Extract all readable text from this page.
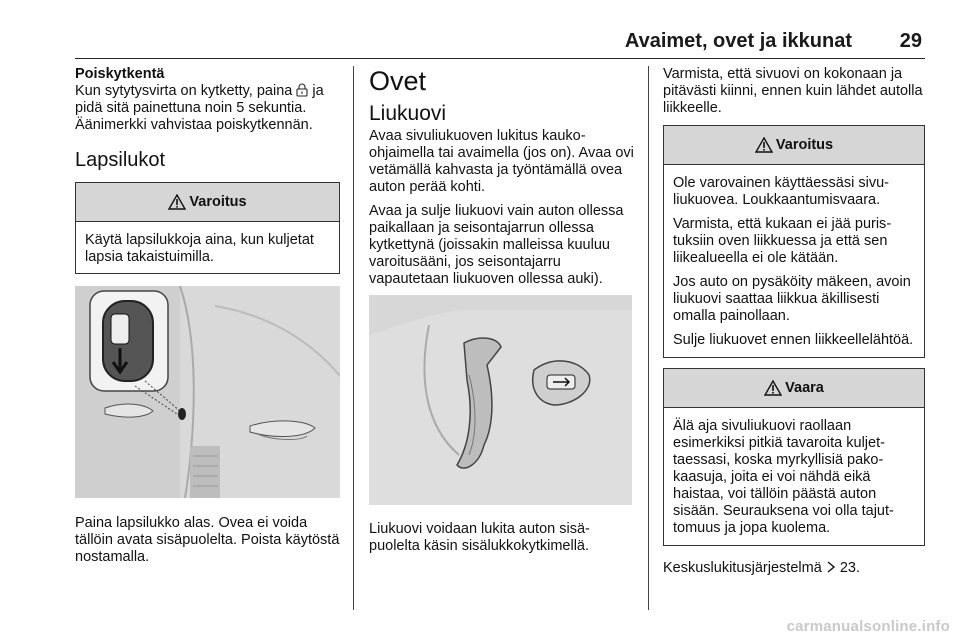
Avaimet, ovet ja ikkunat	29
Poiskytkentä
Kun sytytysvirta on kytketty, paina ja pidä sitä painettuna noin 5 sekuntia. Äänimerkki vahvistaa poiskytkennän.
Lapsilukot
Varoitus

Käytä lapsilukkoja aina, kun kuljetat lapsia takaistuimilla.

Paina lapsilukko alas. Ovea ei voida tällöin avata sisäpuolelta. Poista käytöstä nostamalla.
Ovet
Liukuovi

Avaa sivuliukuoven lukitus kaukoohjaimella tai avaimella (jos on). Avaa ovi vetämällä kahvasta ja työntämällä ovea auton perää kohti.

Avaa ja sulje liukuovi vain auton ollessa paikallaan ja seisontajarrun ollessa kytkettynä (joissakin malleissa kuuluu varoitusääni, jos seisontajarru vapautetaan liukuoven ollessa auki).

Liukuovi voidaan lukita auton sisäpuolelta käsin sisälukkokytkimellä.
Varmista, että sivuovi on kokonaan ja pitävästi kiinni, ennen kuin lähdet autolla liikkeelle.
Varoitus

Ole varovainen käyttäessäsi sivuliukuovea. Loukkaantumisvaara.

Varmista, että kukaan ei jää puristuksiin oven liikkuessa ja että sen liikealueella ei ole kätään.

Jos auto on pysäköity mäkeen, avoin liukuovi saattaa liikkua äkillisesti omalla painollaan.

Sulje liukuovet ennen liikkeellelähtöä.

Vaara

Älä aja sivuliukuovi raollaan esimerkiksi pitkiä tavaroita kuljettaessasi, koska myrkyllisiä pakokaasuja, joita ei voi nähdä eikä haistaa, voi tällöin päästä auton sisään. Seurauksena voi olla tajuttomuus ja jopa kuolema.

Keskuslukitusjärjestelmä 23.
carmanualsonline.info
